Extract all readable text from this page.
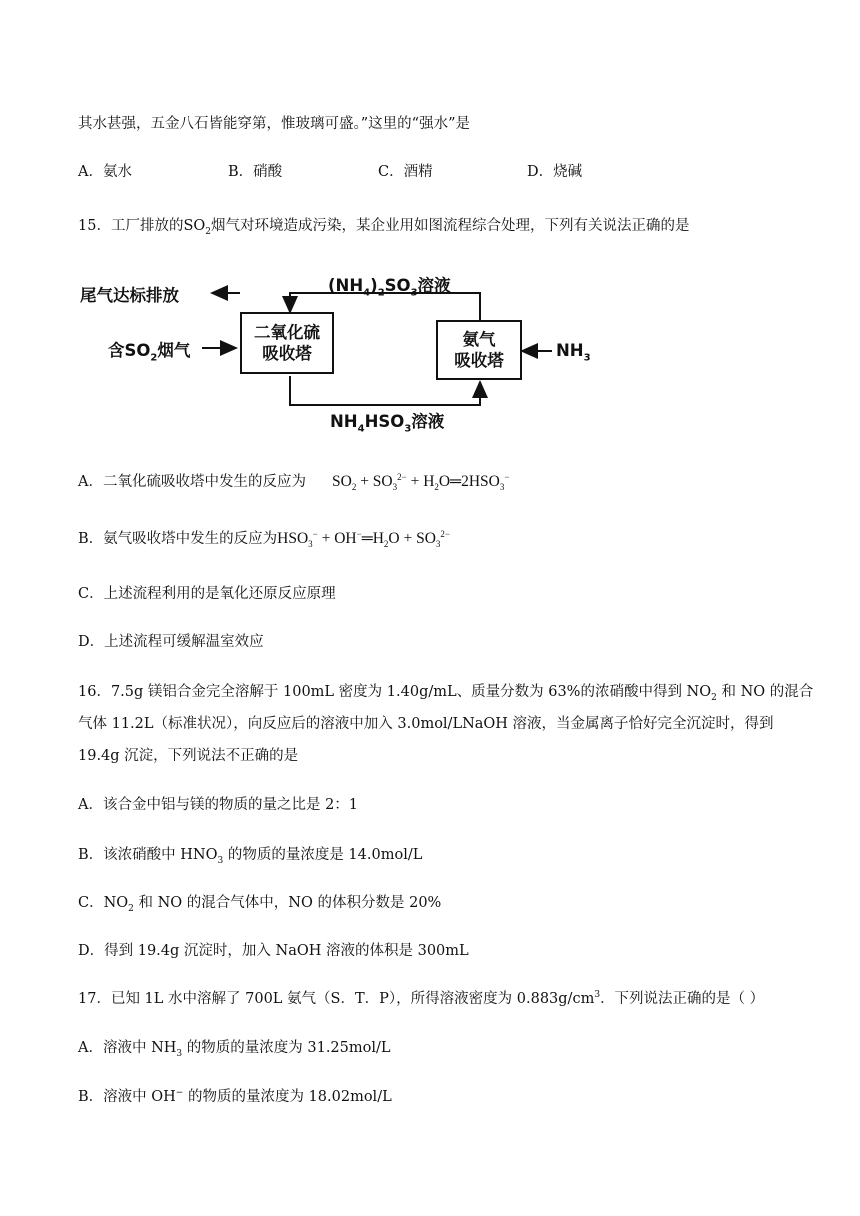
其水甚强，五金八石皆能穿第，惟玻璃可盛。”这里的“强水”是
A．氨水	B．硝酸	C．酒精	D．烧碱
15．工厂排放的$SO_2$烟气对环境造成污染，某企业用如图流程综合处理，下列有关说法正确的是
尾气达标排放
含$SO_2$烟气
$(NH_4)_2SO_3$溶液
$NH_4HSO_3$溶液
$NH_3$
二氧化硫
吸收塔
氨气
吸收塔
A．二氧化硫吸收塔中发生的反应为 $SO_2 + SO_3^{2-}$ + $H_2O═2HSO_3^-$
B．氨气吸收塔中发生的反应为$HSO_3^-$ + $OH^-═H_2O + SO_3^{2-}$
C．上述流程利用的是氧化还原反应原理
D．上述流程可缓解温室效应
16．7.5g 镁铝合金完全溶解于 100mL 密度为 1.40g/mL、质量分数为 63%的浓硝酸中得到 $NO_2$ 和 NO 的混合
气体 11.2L（标准状况），向反应后的溶液中加入 3.0mol/LNaOH 溶液，当金属离子恰好完全沉淀时，得到
19.4g 沉淀，下列说法不正确的是
A．该合金中铝与镁的物质的量之比是 2：1
B．该浓硝酸中 $HNO_3$ 的物质的量浓度是 14.0mol/L
C．$NO_2$ 和 NO 的混合气体中，NO 的体积分数是 20%
D．得到 19.4g 沉淀时，加入 NaOH 溶液的体积是 300mL
17．已知 1L 水中溶解了 700L 氨气（S．T．P），所得溶液密度为 $0.883g/cm^3$．下列说法正确的是（ ）
A．溶液中 $NH_3$ 的物质的量浓度为 31.25mol/L
B．溶液中 OH− 的物质的量浓度为 18.02mol/L
